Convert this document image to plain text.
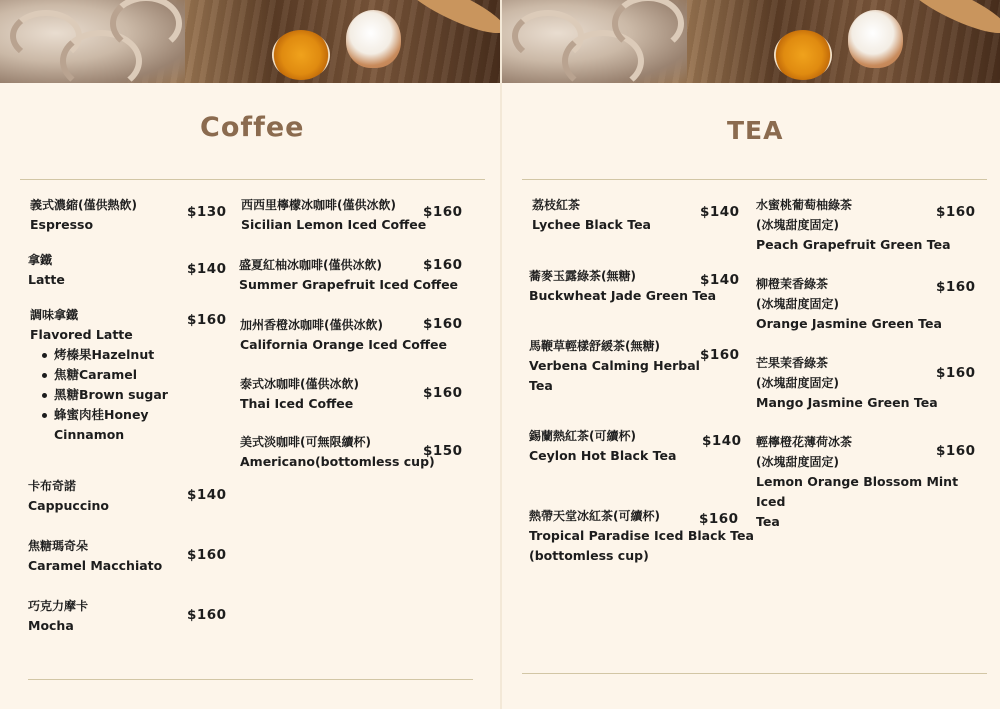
Coffee
義式濃縮(僅供熱飲)
Espresso
$130
拿鐵
Latte
$140
調味拿鐵
Flavored Latte
烤榛果Hazelnut
焦糖Caramel
黑糖Brown sugar
蜂蜜肉桂Honey Cinnamon
$160
卡布奇諾
Cappuccino
$140
焦糖瑪奇朵
Caramel Macchiato
$160
巧克力摩卡
Mocha
$160
西西里檸檬冰咖啡(僅供冰飲)
Sicilian Lemon Iced Coffee
$160
盛夏紅柚冰咖啡(僅供冰飲)
Summer Grapefruit Iced Coffee
$160
加州香橙冰咖啡(僅供冰飲)
California Orange Iced Coffee
$160
泰式冰咖啡(僅供冰飲)
Thai Iced Coffee
$160
美式淡咖啡(可無限續杯)
Americano(bottomless cup)
$150
TEA
荔枝紅茶
Lychee Black Tea
$140
蕎麥玉露綠茶(無糖)
Buckwheat Jade Green Tea
$140
馬鞭草輕樣舒緩茶(無糖)
Verbena Calming Herbal
Tea
$160
錫蘭熱紅茶(可續杯)
Ceylon Hot Black Tea
$140
熱帶天堂冰紅茶(可續杯)
Tropical Paradise Iced Black Tea
(bottomless cup)
$160
水蜜桃葡萄柚綠茶
(冰塊甜度固定)
Peach Grapefruit Green Tea
$160
柳橙茉香綠茶
(冰塊甜度固定)
Orange Jasmine Green Tea
$160
芒果茉香綠茶
(冰塊甜度固定)
Mango Jasmine Green Tea
$160
輕檸橙花薄荷冰茶
(冰塊甜度固定)
Lemon Orange Blossom Mint Iced
Tea
$160
